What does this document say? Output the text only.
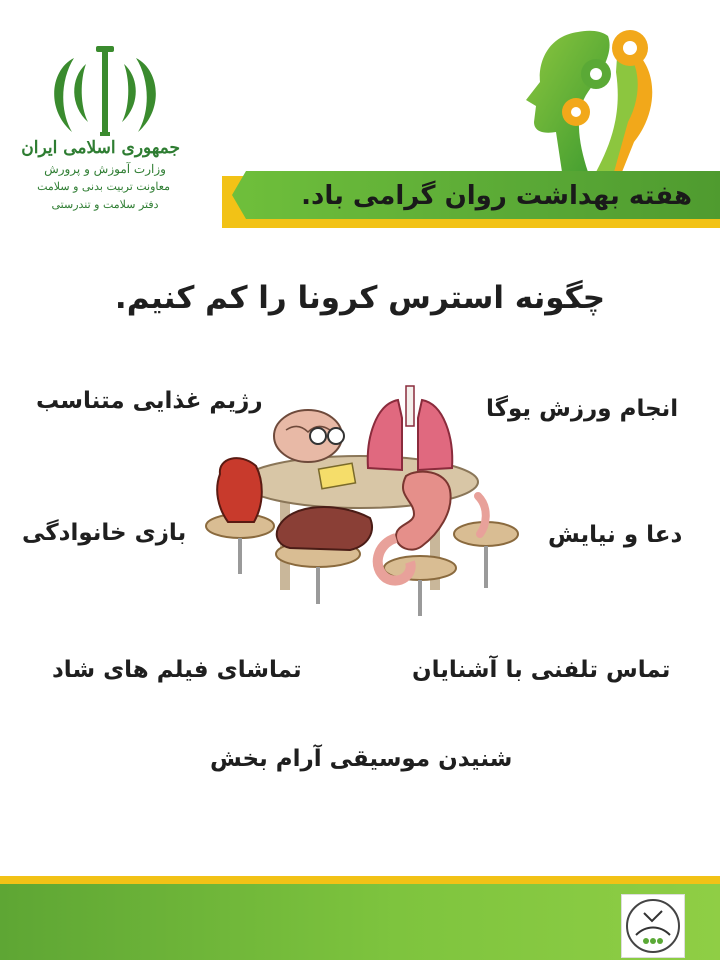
جمهوری اسلامی ایران
وزارت آموزش و پرورش
معاونت تربیت بدنی و سلامت
دفتر سلامت و تندرستی	هفته بهداشت روان گرامی باد.
چگونه استرس کرونا را کم کنیم.
رژیم غذایی متناسب	انجام ورزش یوگا
بازی خانوادگی	دعا و نیایش
تماشای فیلم های شاد	تماس تلفنی با آشنایان
شنیدن موسیقی آرام بخش
